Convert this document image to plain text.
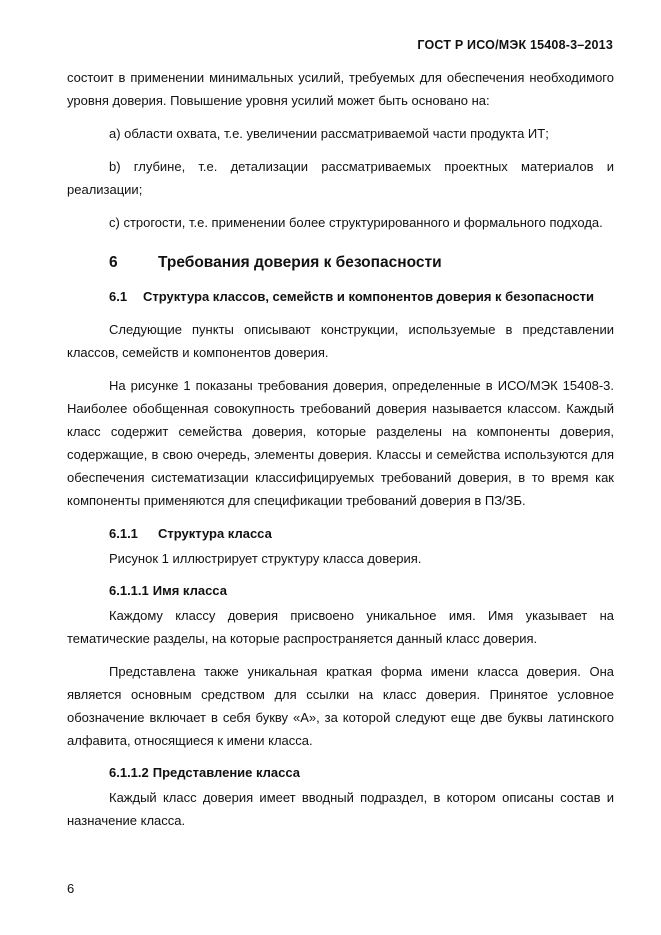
ГОСТ Р ИСО/МЭК 15408-3–2013

состоит в применении минимальных усилий, требуемых для обеспечения необходимого уровня доверия. Повышение уровня усилий может быть основано на:

а) области охвата, т.е. увеличении рассматриваемой части продукта ИТ;

b) глубине, т.е. детализации рассматриваемых проектных материалов и реализации;

c) строгости, т.е. применении более структурированного и формального подхода.

6	Требования доверия к безопасности
6.1 Структура классов, семейств и компонентов доверия к безопасности

Следующие пункты описывают конструкции, используемые в представлении классов, семейств и компонентов доверия.

На рисунке 1 показаны требования доверия, определенные в ИСО/МЭК 15408-3. Наиболее обобщенная совокупность требований доверия называется классом. Каждый класс содержит семейства доверия, которые разделены на компоненты доверия, содержащие, в свою очередь, элементы доверия. Классы и семейства используются для обеспечения систематизации классифицируемых требований доверия, в то время как компоненты применяются для спецификации требований доверия в ПЗ/ЗБ.

6.1.1 Структура класса

Рисунок 1 иллюстрирует структуру класса доверия.

6.1.1.1 Имя класса

Каждому классу доверия присвоено уникальное имя. Имя указывает на тематические разделы, на которые распространяется данный класс доверия.

Представлена также уникальная краткая форма имени класса доверия. Она является основным средством для ссылки на класс доверия. Принятое условное обозначение включает в себя букву «А», за которой следуют еще две буквы латинского алфавита, относящиеся к имени класса.

6.1.1.2 Представление класса

Каждый класс доверия имеет вводный подраздел, в котором описаны состав и назначение класса.

6
